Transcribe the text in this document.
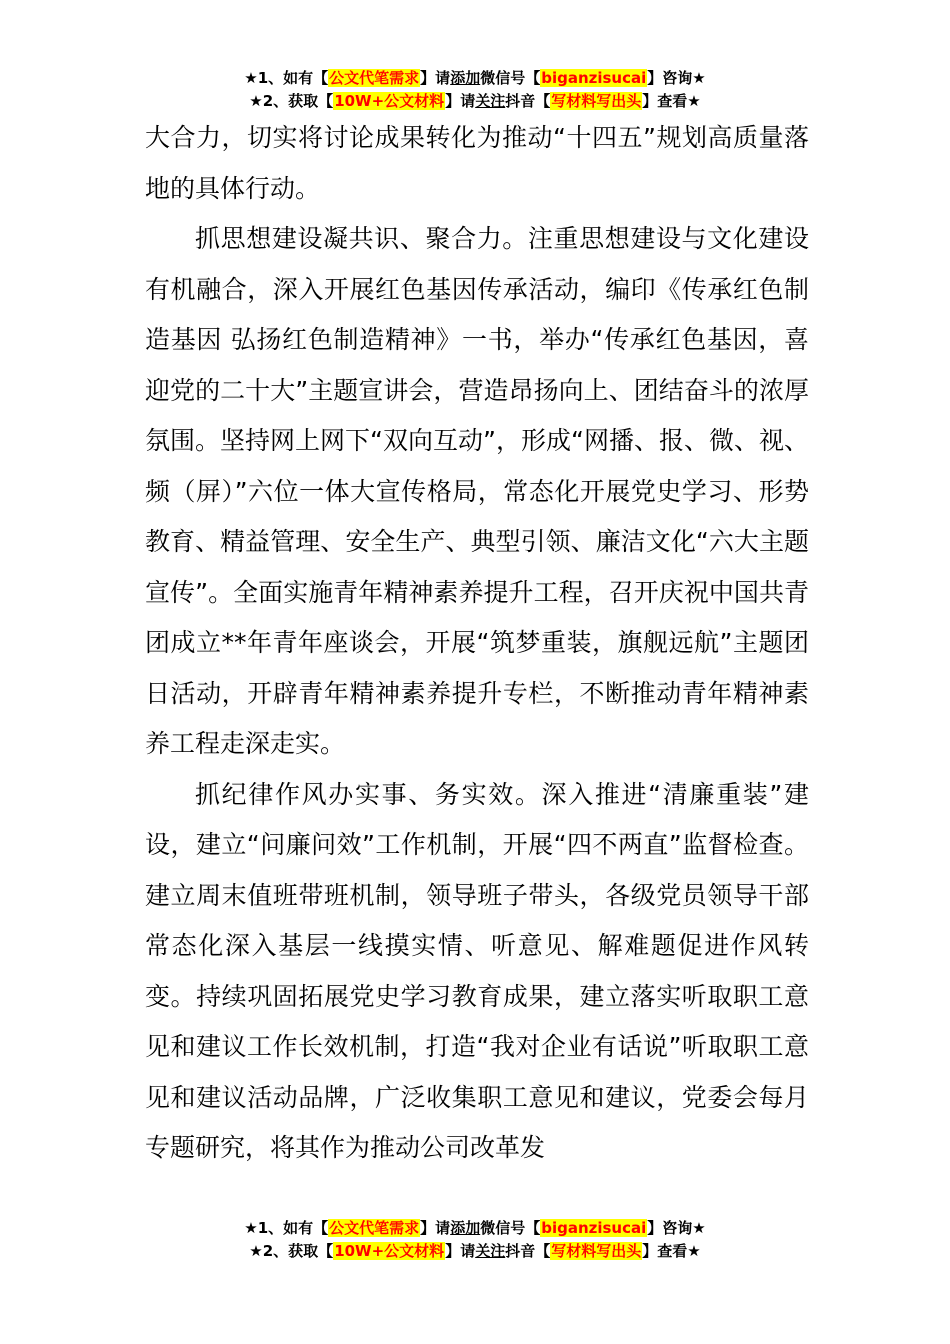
★1、如有【公文代笔需求】请添加微信号【biganzisucai】咨询★
★2、获取【10W+公文材料】请关注抖音【写材料写出头】查看★

大合力，切实将讨论成果转化为推动“十四五”规划高质量落地的具体行动。

抓思想建设凝共识、聚合力。注重思想建设与文化建设有机融合，深入开展红色基因传承活动，编印《传承红色制造基因 弘扬红色制造精神》一书，举办“传承红色基因，喜迎党的二十大”主题宣讲会，营造昂扬向上、团结奋斗的浓厚氛围。坚持网上网下“双向互动”，形成“网播、报、微、视、频（屏）”六位一体大宣传格局，常态化开展党史学习、形势教育、精益管理、安全生产、典型引领、廉洁文化“六大主题宣传”。全面实施青年精神素养提升工程，召开庆祝中国共青团成立**年青年座谈会，开展“筑梦重装，旗舰远航”主题团日活动，开辟青年精神素养提升专栏，不断推动青年精神素养工程走深走实。

抓纪律作风办实事、务实效。深入推进“清廉重装”建设，建立“问廉问效”工作机制，开展“四不两直”监督检查。建立周末值班带班机制，领导班子带头，各级党员领导干部常态化深入基层一线摸实情、听意见、解难题促进作风转变。持续巩固拓展党史学习教育成果，建立落实听取职工意见和建议工作长效机制，打造“我对企业有话说”听取职工意见和建议活动品牌，广泛收集职工意见和建议，党委会每月专题研究，将其作为推动公司改革发

★1、如有【公文代笔需求】请添加微信号【biganzisucai】咨询★
★2、获取【10W+公文材料】请关注抖音【写材料写出头】查看★
